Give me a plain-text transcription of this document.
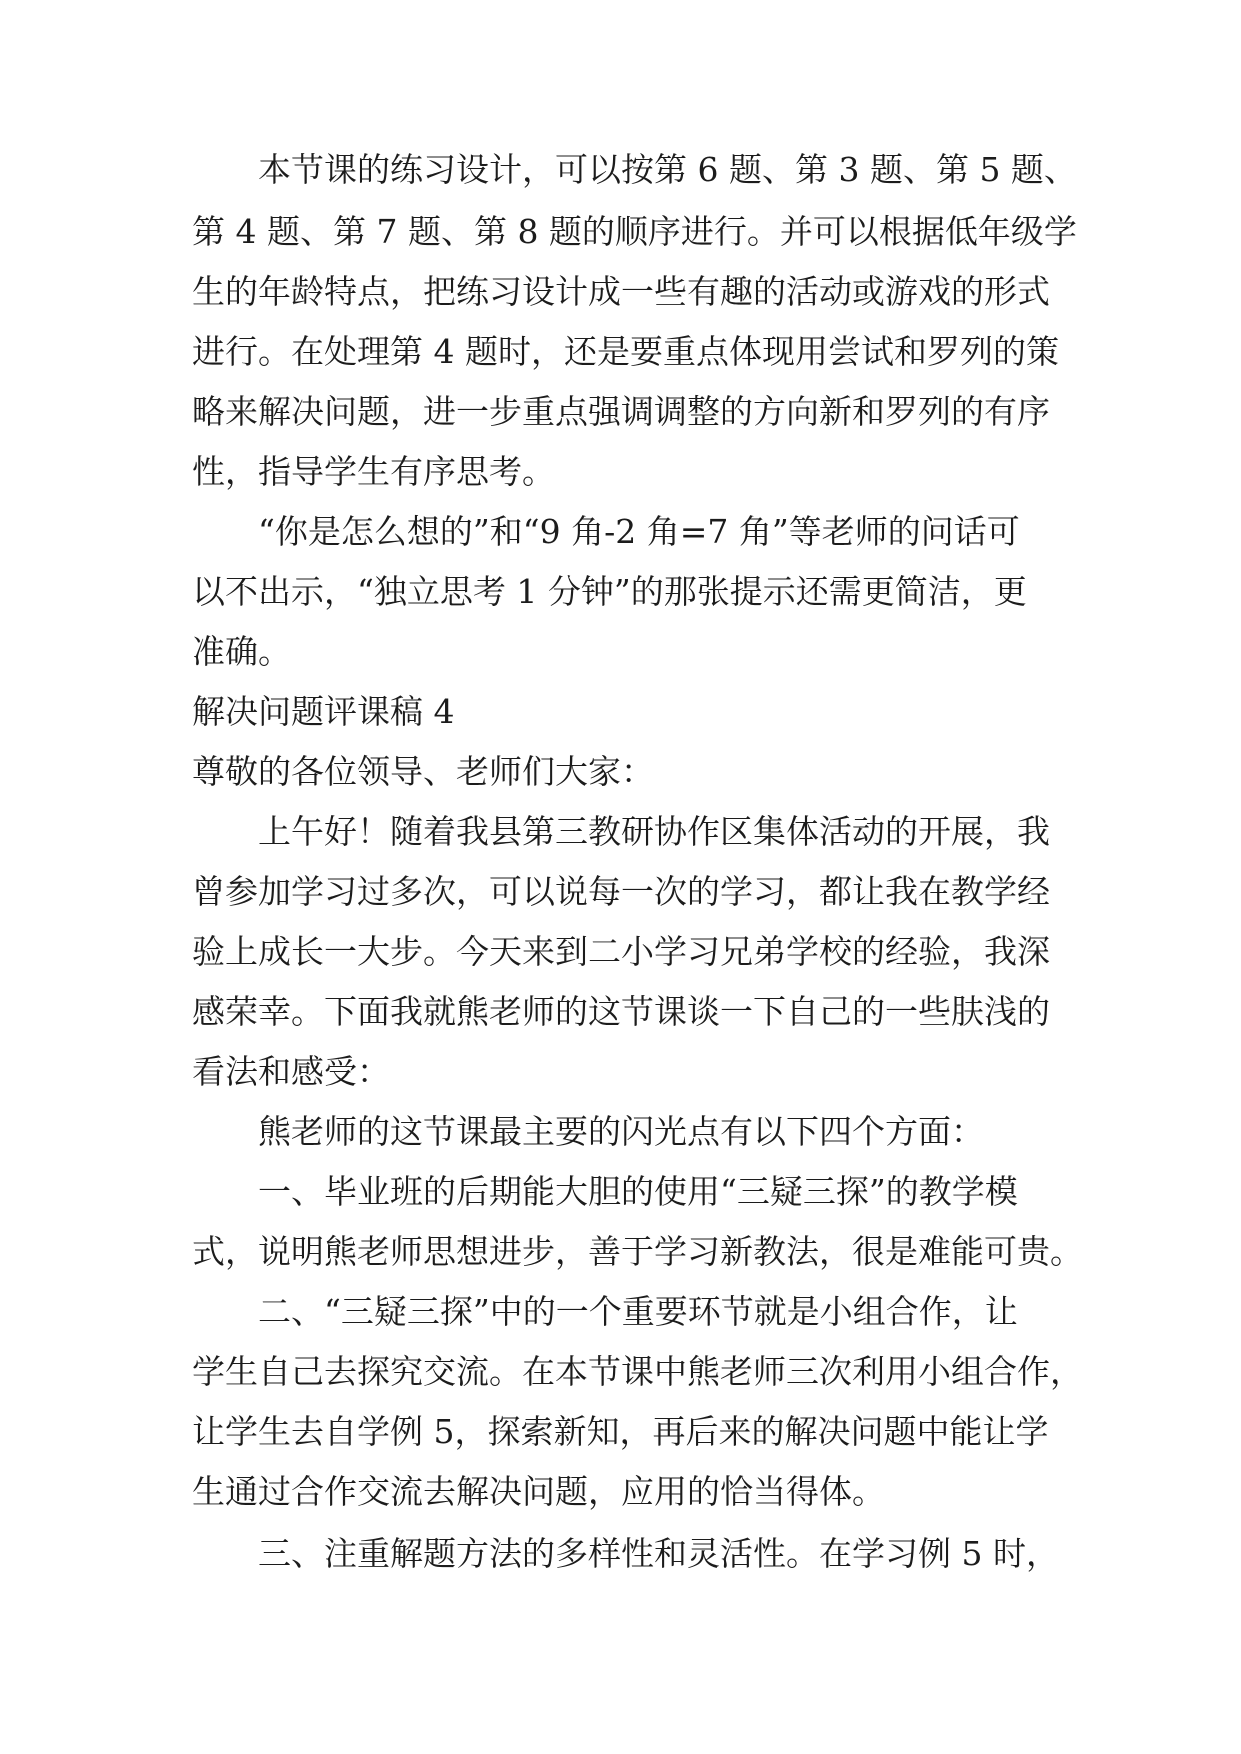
本节课的练习设计，可以按第 6 题、第 3 题、第 5 题、

第 4 题、第 7 题、第 8 题的顺序进行。并可以根据低年级学

生的年龄特点，把练习设计成一些有趣的活动或游戏的形式

进行。在处理第 4 题时，还是要重点体现用尝试和罗列的策

略来解决问题，进一步重点强调调整的方向新和罗列的有序

性，指导学生有序思考。

“你是怎么想的”和“9 角-2 角=7 角”等老师的问话可

以不出示，“独立思考 1 分钟”的那张提示还需更简洁，更

准确。

解决问题评课稿 4

尊敬的各位领导、老师们大家：

上午好！随着我县第三教研协作区集体活动的开展，我

曾参加学习过多次，可以说每一次的学习，都让我在教学经

验上成长一大步。今天来到二小学习兄弟学校的经验，我深

感荣幸。下面我就熊老师的这节课谈一下自己的一些肤浅的

看法和感受：

熊老师的这节课最主要的闪光点有以下四个方面：

一、毕业班的后期能大胆的使用“三疑三探”的教学模

式，说明熊老师思想进步，善于学习新教法，很是难能可贵。

二、“三疑三探”中的一个重要环节就是小组合作，让

学生自己去探究交流。在本节课中熊老师三次利用小组合作，

让学生去自学例 5，探索新知，再后来的解决问题中能让学

生通过合作交流去解决问题，应用的恰当得体。

三、注重解题方法的多样性和灵活性。在学习例 5 时，
